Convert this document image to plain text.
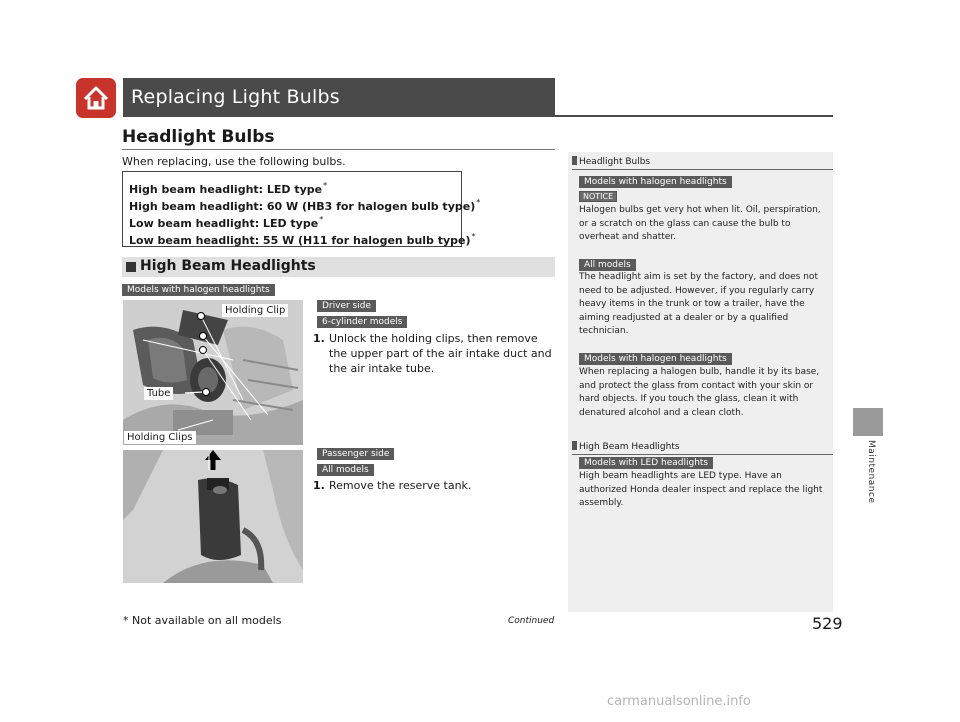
Replacing Light Bulbs
Headlight Bulbs
When replacing, use the following bulbs.
High beam headlight: LED type*
High beam headlight: 60 W (HB3 for halogen bulb type)*
Low beam headlight: LED type*
Low beam headlight: 55 W (H11 for halogen bulb type)*
High Beam Headlights
Models with halogen headlights
Holding Clip
Tube
Holding Clips
Driver side
6-cylinder models
1. Unlock the holding clips, then remove the upper part of the air intake duct and the air intake tube.
Passenger side
All models
1. Remove the reserve tank.
Headlight Bulbs
Models with halogen headlights
NOTICE
Halogen bulbs get very hot when lit. Oil, perspiration, or a scratch on the glass can cause the bulb to overheat and shatter.
All models
The headlight aim is set by the factory, and does not need to be adjusted. However, if you regularly carry heavy items in the trunk or tow a trailer, have the aiming readjusted at a dealer or by a qualified technician.
Models with halogen headlights
When replacing a halogen bulb, handle it by its base, and protect the glass from contact with your skin or hard objects. If you touch the glass, clean it with denatured alcohol and a clean cloth.
High Beam Headlights
Models with LED headlights
High beam headlights are LED type. Have an authorized Honda dealer inspect and replace the light assembly.	Maintenance
* Not available on all models	Continued	529
carmanualsonline.info
